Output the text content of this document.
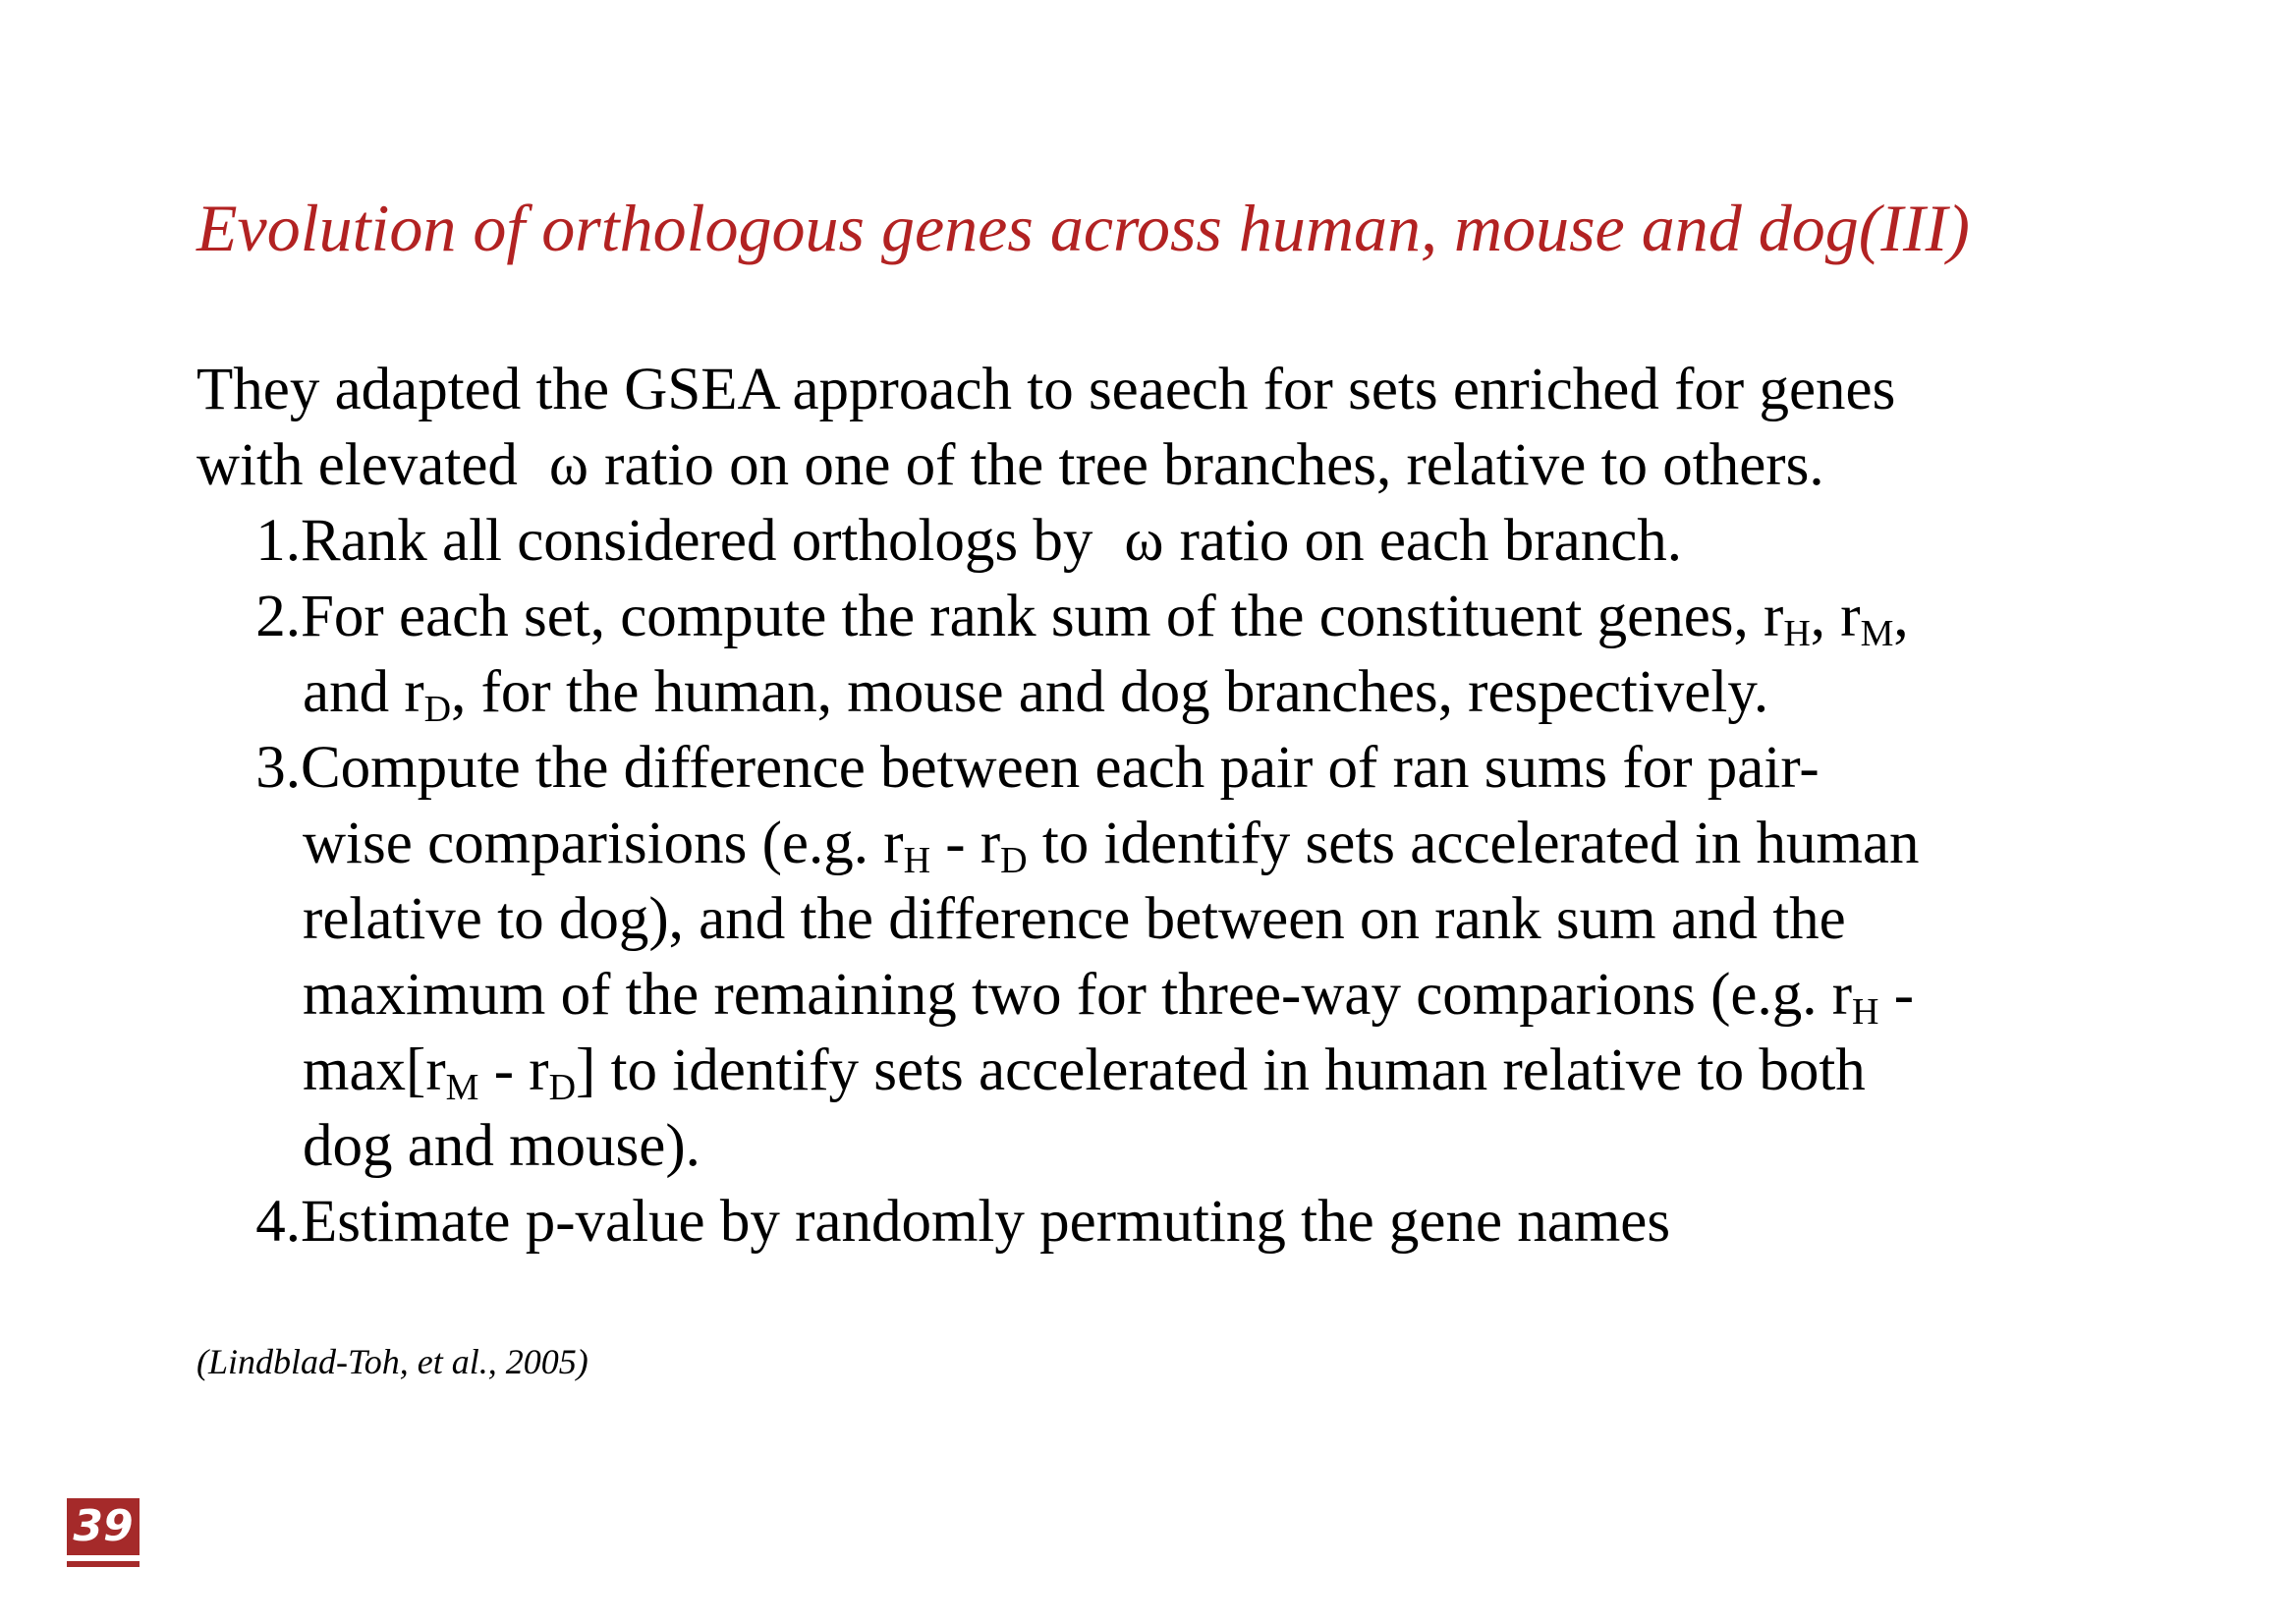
Evolution of orthologous genes across human, mouse and dog(III)
They adapted the GSEA approach to seaech for sets enriched for genes
with elevated ω ratio on one of the tree branches, relative to others.
1.Rank all considered orthologs by ω ratio on each branch.
2.For each set, compute the rank sum of the constituent genes, $r_H$, $r_M$,
and $r_D$, for the human, mouse and dog branches, respectively.
3.Compute the difference between each pair of ran sums for pair-
wise comparisions (e.g. $r_H - r_D$ to identify sets accelerated in human
relative to dog), and the difference between on rank sum and the
maximum of the remaining two for three-way comparions (e.g. $r_H$ -
$\max[r_M - r_D]$ to identify sets accelerated in human relative to both
dog and mouse).
4.Estimate p-value by randomly permuting the gene names
(Lindblad-Toh, et al., 2005)
39
